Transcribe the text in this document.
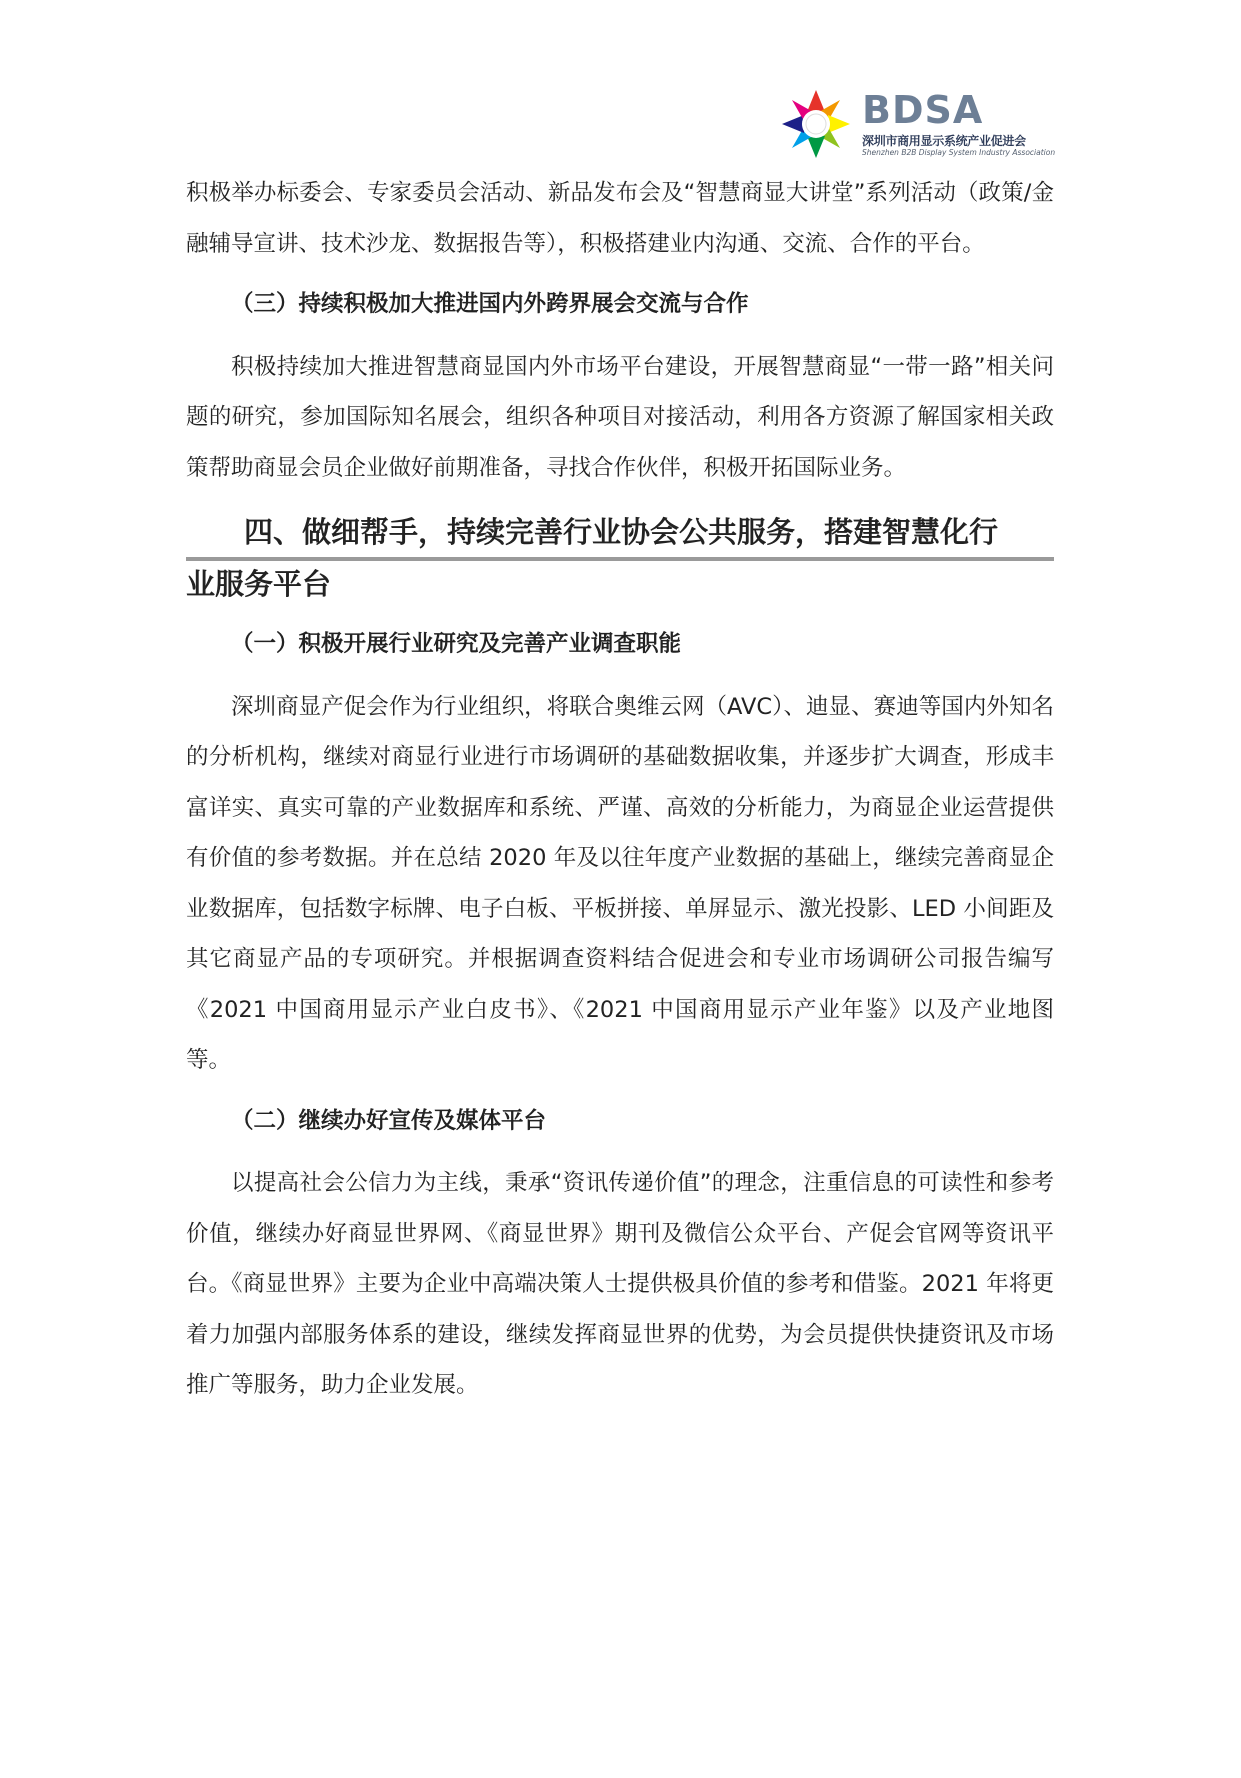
BDSA
深圳市商用显示系统产业促进会
Shenzhen B2B Display System Industry Association

积极举办标委会、专家委员会活动、新品发布会及“智慧商显大讲堂”系列活动（政策/金融辅导宣讲、技术沙龙、数据报告等），积极搭建业内沟通、交流、合作的平台。

（三）持续积极加大推进国内外跨界展会交流与合作

积极持续加大推进智慧商显国内外市场平台建设，开展智慧商显“一带一路”相关问题的研究，参加国际知名展会，组织各种项目对接活动，利用各方资源了解国家相关政策帮助商显会员企业做好前期准备，寻找合作伙伴，积极开拓国际业务。

四、做细帮手，持续完善行业协会公共服务，搭建智慧化行
业服务平台
（一）积极开展行业研究及完善产业调查职能

深圳商显产促会作为行业组织，将联合奥维云网（AVC）、迪显、赛迪等国内外知名的分析机构，继续对商显行业进行市场调研的基础数据收集，并逐步扩大调查，形成丰富详实、真实可靠的产业数据库和系统、严谨、高效的分析能力，为商显企业运营提供有价值的参考数据。并在总结 2020 年及以往年度产业数据的基础上，继续完善商显企业数据库，包括数字标牌、电子白板、平板拼接、单屏显示、激光投影、LED 小间距及其它商显产品的专项研究。并根据调查资料结合促进会和专业市场调研公司报告编写《2021 中国商用显示产业白皮书》、《2021 中国商用显示产业年鉴》以及产业地图等。

（二）继续办好宣传及媒体平台

以提高社会公信力为主线，秉承“资讯传递价值”的理念，注重信息的可读性和参考价值，继续办好商显世界网、《商显世界》期刊及微信公众平台、产促会官网等资讯平台。《商显世界》主要为企业中高端决策人士提供极具价值的参考和借鉴。2021 年将更着力加强内部服务体系的建设，继续发挥商显世界的优势，为会员提供快捷资讯及市场推广等服务，助力企业发展。
